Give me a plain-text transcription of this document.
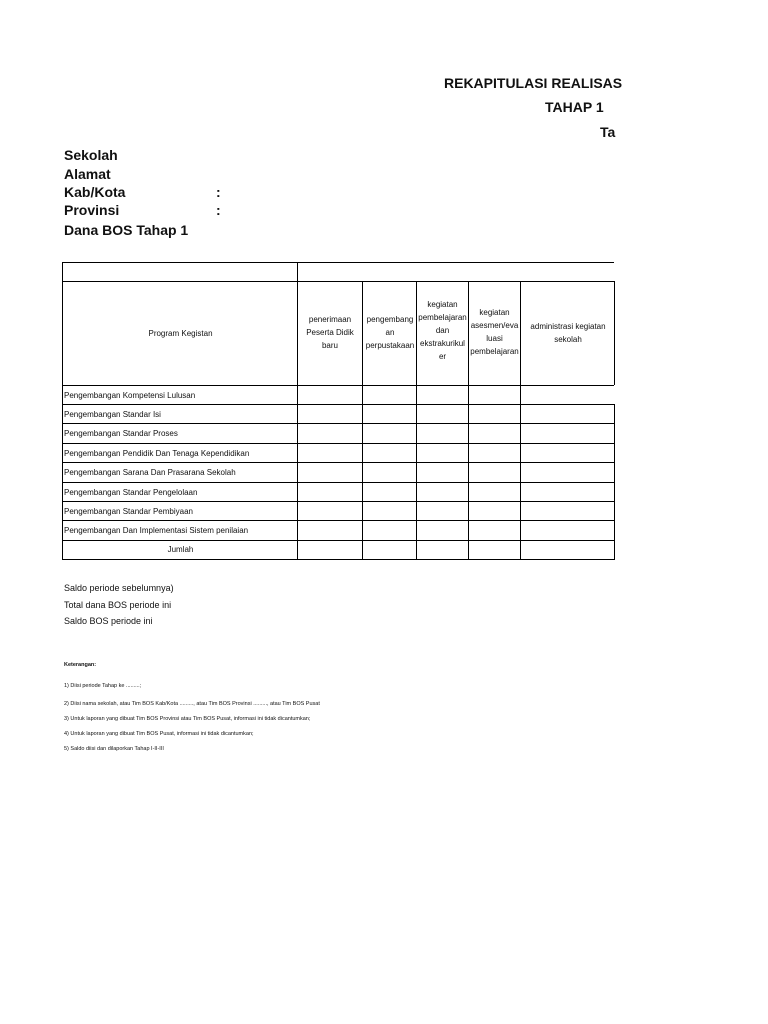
REKAPITULASI REALISAS
TAHAP 1
Ta
Sekolah
Alamat
Kab/Kota	:
Provinsi	:
Dana BOS Tahap 1
Program Kegistan
penerimaan Peserta Didik baru
pengembang an perpustakaan
kegiatan pembelajaran dan ekstrakurikul er
kegiatan asesmen/eva luasi pembelajaran
administrasi kegiatan sekolah
Pengembangan Kompetensi Lulusan
Pengembangan Standar Isi
Pengembangan Standar Proses
Pengembangan Pendidik Dan Tenaga Kependidikan
Pengembangan Sarana Dan Prasarana Sekolah
Pengembangan Standar Pengelolaan
Pengembangan Standar Pembiyaan
Pengembangan Dan Implementasi Sistem penilaian
Jumlah
Saldo periode sebelumnya)
Total dana BOS periode ini
Saldo BOS periode ini
Keterangan:
1) Diisi periode Tahap ke .........;
2) Diisi nama sekolah, atau Tim BOS Kab/Kota ........., atau Tim BOS Provinsi ........., atau Tim BOS Pusat
3) Untuk laporan yang dibuat Tim BOS Provinsi atau Tim BOS Pusat, informasi ini tidak dicantumkan;
4) Untuk laporan yang dibuat Tim BOS Pusat, informasi ini tidak dicantumkan;
5) Saldo diisi dan dilaporkan Tahap I-II-III
